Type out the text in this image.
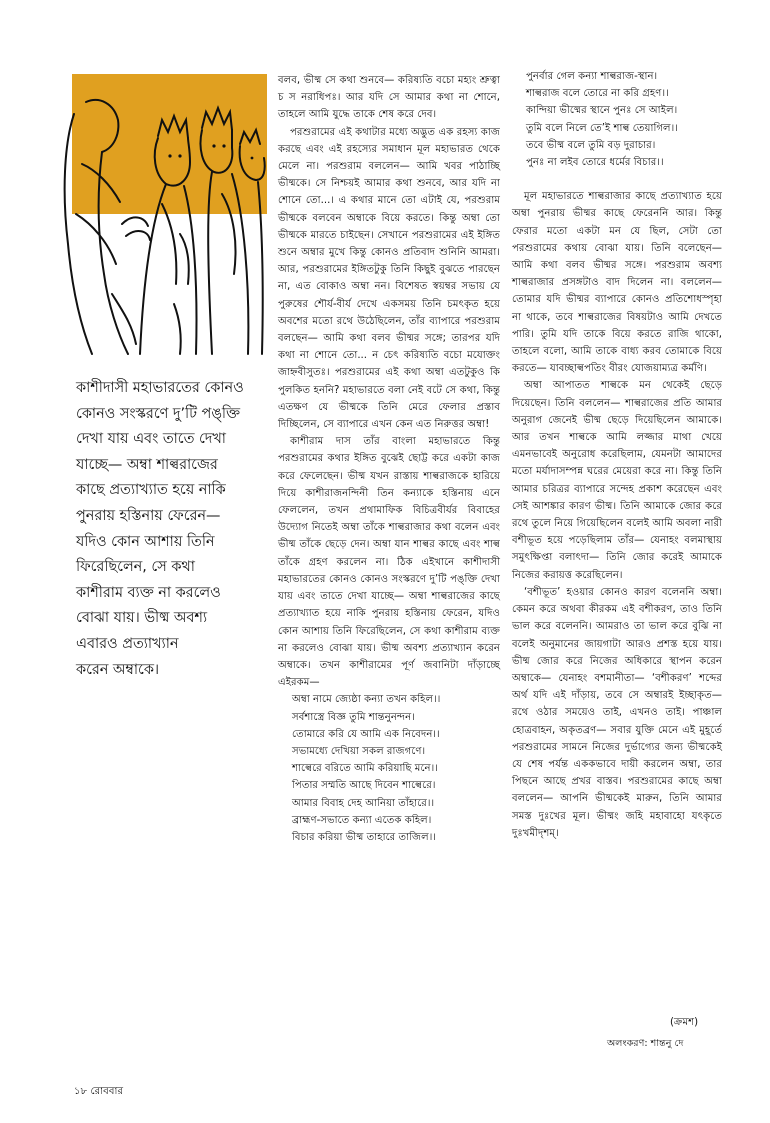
কাশীদাসী মহাভারতের কোনও

কোনও সংস্করণে দু’টি পঙ্‌ক্তি

দেখা যায় এবং তাতে দেখা

যাচ্ছে— অম্বা শাল্বরাজের

কাছে প্রত্যাখ্যাত হয়ে নাকি

পুনরায় হস্তিনায় ফেরেন—

যদিও কোন আশায় তিনি

ফিরেছিলেন, সে কথা

কাশীরাম ব্যক্ত না করলেও

বোঝা যায়। ভীষ্ম অবশ্য

এবারও প্রত্যাখ্যান

করেন অম্বাকে।

বলব, ভীষ্ম সে কথা শুনবে— করিষ্যতি বচো মহ্যং শ্রুত্বা চ স নরাধিপঃ। আর যদি সে আমার কথা না শোনে, তাহলে আমি যুদ্ধে তাকে শেষ করে দেব।

পরশুরামের এই কথাটার মধ্যে অদ্ভুত এক রহস্য কাজ করছে এবং এই রহস্যের সমাধান মূল মহাভারত থেকে মেলে না। পরশুরাম বললেন— আমি খবর পাঠাচ্ছি ভীষ্মকে। সে নিশ্চয়ই আমার কথা শুনবে, আর যদি না শোনে তো...। এ কথার মানে তো এটাই যে, পরশুরাম ভীষ্মকে বলবেন অম্বাকে বিয়ে করতে। কিন্তু অম্বা তো ভীষ্মকে মারতে চাইছেন। সেখানে পরশুরামের এই ইঙ্গিত শুনে অম্বার মুখে কিন্তু কোনও প্রতিবাদ শুনিনি আমরা। আর, পরশুরামের ইঙ্গিতটুকু তিনি কিছুই বুঝতে পারছেন না, এত বোকাও অম্বা নন। বিশেষত স্বয়ম্বর সভায় যে পুরুষের শৌর্য-বীর্য দেখে একসময় তিনি চমৎকৃত হয়ে অবশের মতো রথে উঠেছিলেন, তাঁর ব্যাপারে পরশুরাম বলছেন— আমি কথা বলব ভীষ্মর সঙ্গে; তারপর যদি কথা না শোনে তো... ন চেৎ করিষ্যতি বচো মযোক্তং জাহ্নবীসুতঃ। পরশুরামের এই কথা অম্বা এতটুকুও কি পুলকিত হননি? মহাভারতে বলা নেই বটে সে কথা, কিন্তু এতক্ষণ যে ভীষ্মকে তিনি মেরে ফেলার প্রস্তাব দিচ্ছিলেন, সে ব্যাপারে এখন কেন এত নিরুত্তর অম্বা!

কাশীরাম দাস তাঁর বাংলা মহাভারতে কিন্তু পরশুরামের কথার ইঙ্গিত বুঝেই ছোট্ট করে একটা কাজ করে ফেলেছেন। ভীষ্ম যখন রাস্তায় শাল্বরাজকে হারিয়ে দিয়ে কাশীরাজনন্দিনী তিন কন্যাকে হস্তিনায় এনে ফেললেন, তখন প্রথামাফিক বিচিত্রবীর্যর বিবাহের উদ্যোগ নিতেই অম্বা তাঁকে শাল্বরাজার কথা বলেন এবং ভীষ্ম তাঁকে ছেড়ে দেন। অম্বা যান শাল্বর কাছে এবং শাল্ব তাঁকে গ্রহণ করলেন না। ঠিক এইখানে কাশীদাসী মহাভারতের কোনও কোনও সংস্করণে দু’টি পঙ্‌ক্তি দেখা যায় এবং তাতে দেখা যাচ্ছে— অম্বা শাল্বরাজের কাছে প্রত্যাখ্যাত হয়ে নাকি পুনরায় হস্তিনায় ফেরেন, যদিও কোন আশায় তিনি ফিরেছিলেন, সে কথা কাশীরাম ব্যক্ত না করলেও বোঝা যায়। ভীষ্ম অবশ্য প্রত্যাখ্যান করেন অম্বাকে। তখন কাশীরামের পূর্ণ জবানিটা দাঁড়াচ্ছে এইরকম—

অম্বা নামে জ্যেষ্ঠা কন্যা তখন কহিল।।
সর্বশাস্ত্রে বিজ্ঞ তুমি শান্তনুনন্দন।
তোমারে করি যে আমি এক নিবেদন।।
সভামধ্যে দেখিয়া সকল রাজগণে।
শাল্বেরে বরিতে আমি করিয়াছি মনে।।
পিতার সম্মতি আছে দিবেন শাল্বেরে।
আমার বিবাহ দেহ আনিয়া তাঁহারে।।
ব্রাহ্মণ-সভাতে কন্যা এতেক কহিল।
বিচার করিয়া ভীষ্ম তাহারে তাজিল।।
পুনর্বার গেল কন্যা শাল্বরাজ-স্থান।
শাল্বরাজ বলে তোরে না করি গ্রহণ।।
কান্দিয়া ভীষ্মের স্থানে পুনঃ সে আইল।
তুমি বলে নিলে তে’ই শাল্ব তেয়াগিল।।
তবে ভীষ্ম বলে তুমি বড় দুরাচার।
পুনঃ না লইব তোরে ধর্মের বিচার।।

মূল মহাভারতে শাল্বরাজার কাছে প্রত্যাখ্যাত হয়ে অম্বা পুনরায় ভীষ্মর কাছে ফেরেননি আর। কিন্তু ফেরার মতো একটা মন যে ছিল, সেটা তো পরশুরামের কথায় বোঝা যায়। তিনি বলেছেন— আমি কথা বলব ভীষ্মর সঙ্গে। পরশুরাম অবশ্য শাল্বরাজার প্রসঙ্গটাও বাদ দিলেন না। বললেন— তোমার যদি ভীষ্মর ব্যাপারে কোনও প্রতিশোধস্পৃহা না থাকে, তবে শাল্বরাজের বিষয়টাও আমি দেখতে পারি। তুমি যদি তাকে বিয়ে করতে রাজি থাকো, তাহলে বলো, আমি তাকে বাধ্য করব তোমাকে বিয়ে করতে— যাবচ্ছাল্বপতিং বীরং যোজয়াম্যত্র কর্মণি।

অম্বা আপাতত শাল্বকে মন থেকেই ছেড়ে দিয়েছেন। তিনি বললেন— শাল্বরাজের প্রতি আমার অনুরাগ জেনেই ভীষ্ম ছেড়ে দিয়েছিলেন আমাকে। আর তখন শাল্বকে আমি লজ্জার মাথা খেয়ে এমনভাবেই অনুরোধ করেছিলাম, যেমনটা আমাদের মতো মর্যাদাসম্পন্ন ঘরের মেয়েরা করে না। কিন্তু তিনি আমার চরিত্রর ব্যাপারে সন্দেহ প্রকাশ করেছেন এবং সেই আশঙ্কার কারণ ভীষ্ম। তিনি আমাকে জোর করে রথে তুলে নিয়ে গিয়েছিলেন বলেই আমি অবলা নারী বশীভূত হয়ে পড়েছিলাম তাঁর— যেনাহং বলমাস্থায় সমুৎক্ষিপ্তা বলাৎদা— তিনি জোর করেই আমাকে নিজের করায়ত্ত করেছিলেন।

‘বশীভূত’ হওয়ার কোনও কারণ বলেননি অম্বা। কেমন করে অথবা কীরকম এই বশীকরণ, তাও তিনি ভাল করে বলেননি। আমরাও তা ভাল করে বুঝি না বলেই অনুমানের জায়গাটা আরও প্রশস্ত হয়ে যায়। ভীষ্ম জোর করে নিজের অধিকারে স্থাপন করেন অম্বাকে— যেনাহং বশমানীতা— ‘বশীকরণ’ শব্দের অর্থ যদি এই দাঁড়ায়, তবে সে অম্বারই ইচ্ছাকৃত— রথে ওঠার সময়েও তাই, এখনও তাই। পাঞ্চাল হোত্রবাহন, অকৃতব্রণ— সবার যুক্তি মেনে এই মুহূর্তে পরশুরামের সামনে নিজের দুর্ভাগ্যের জন্য ভীষ্মকেই যে শেষ পর্যন্ত এককভাবে দায়ী করলেন অম্বা, তার পিছনে আছে প্রখর বাস্তব। পরশুরামের কাছে অম্বা বললেন— আপনি ভীষ্মকেই মারুন, তিনি আমার সমস্ত দুঃখের মূল। ভীষ্মং জহি মহাবাহো যৎকৃতে দুঃখমীদৃশম্।

(ক্রমশ)
অলংকরণ: শান্তনু দে
১৮ রোববার
